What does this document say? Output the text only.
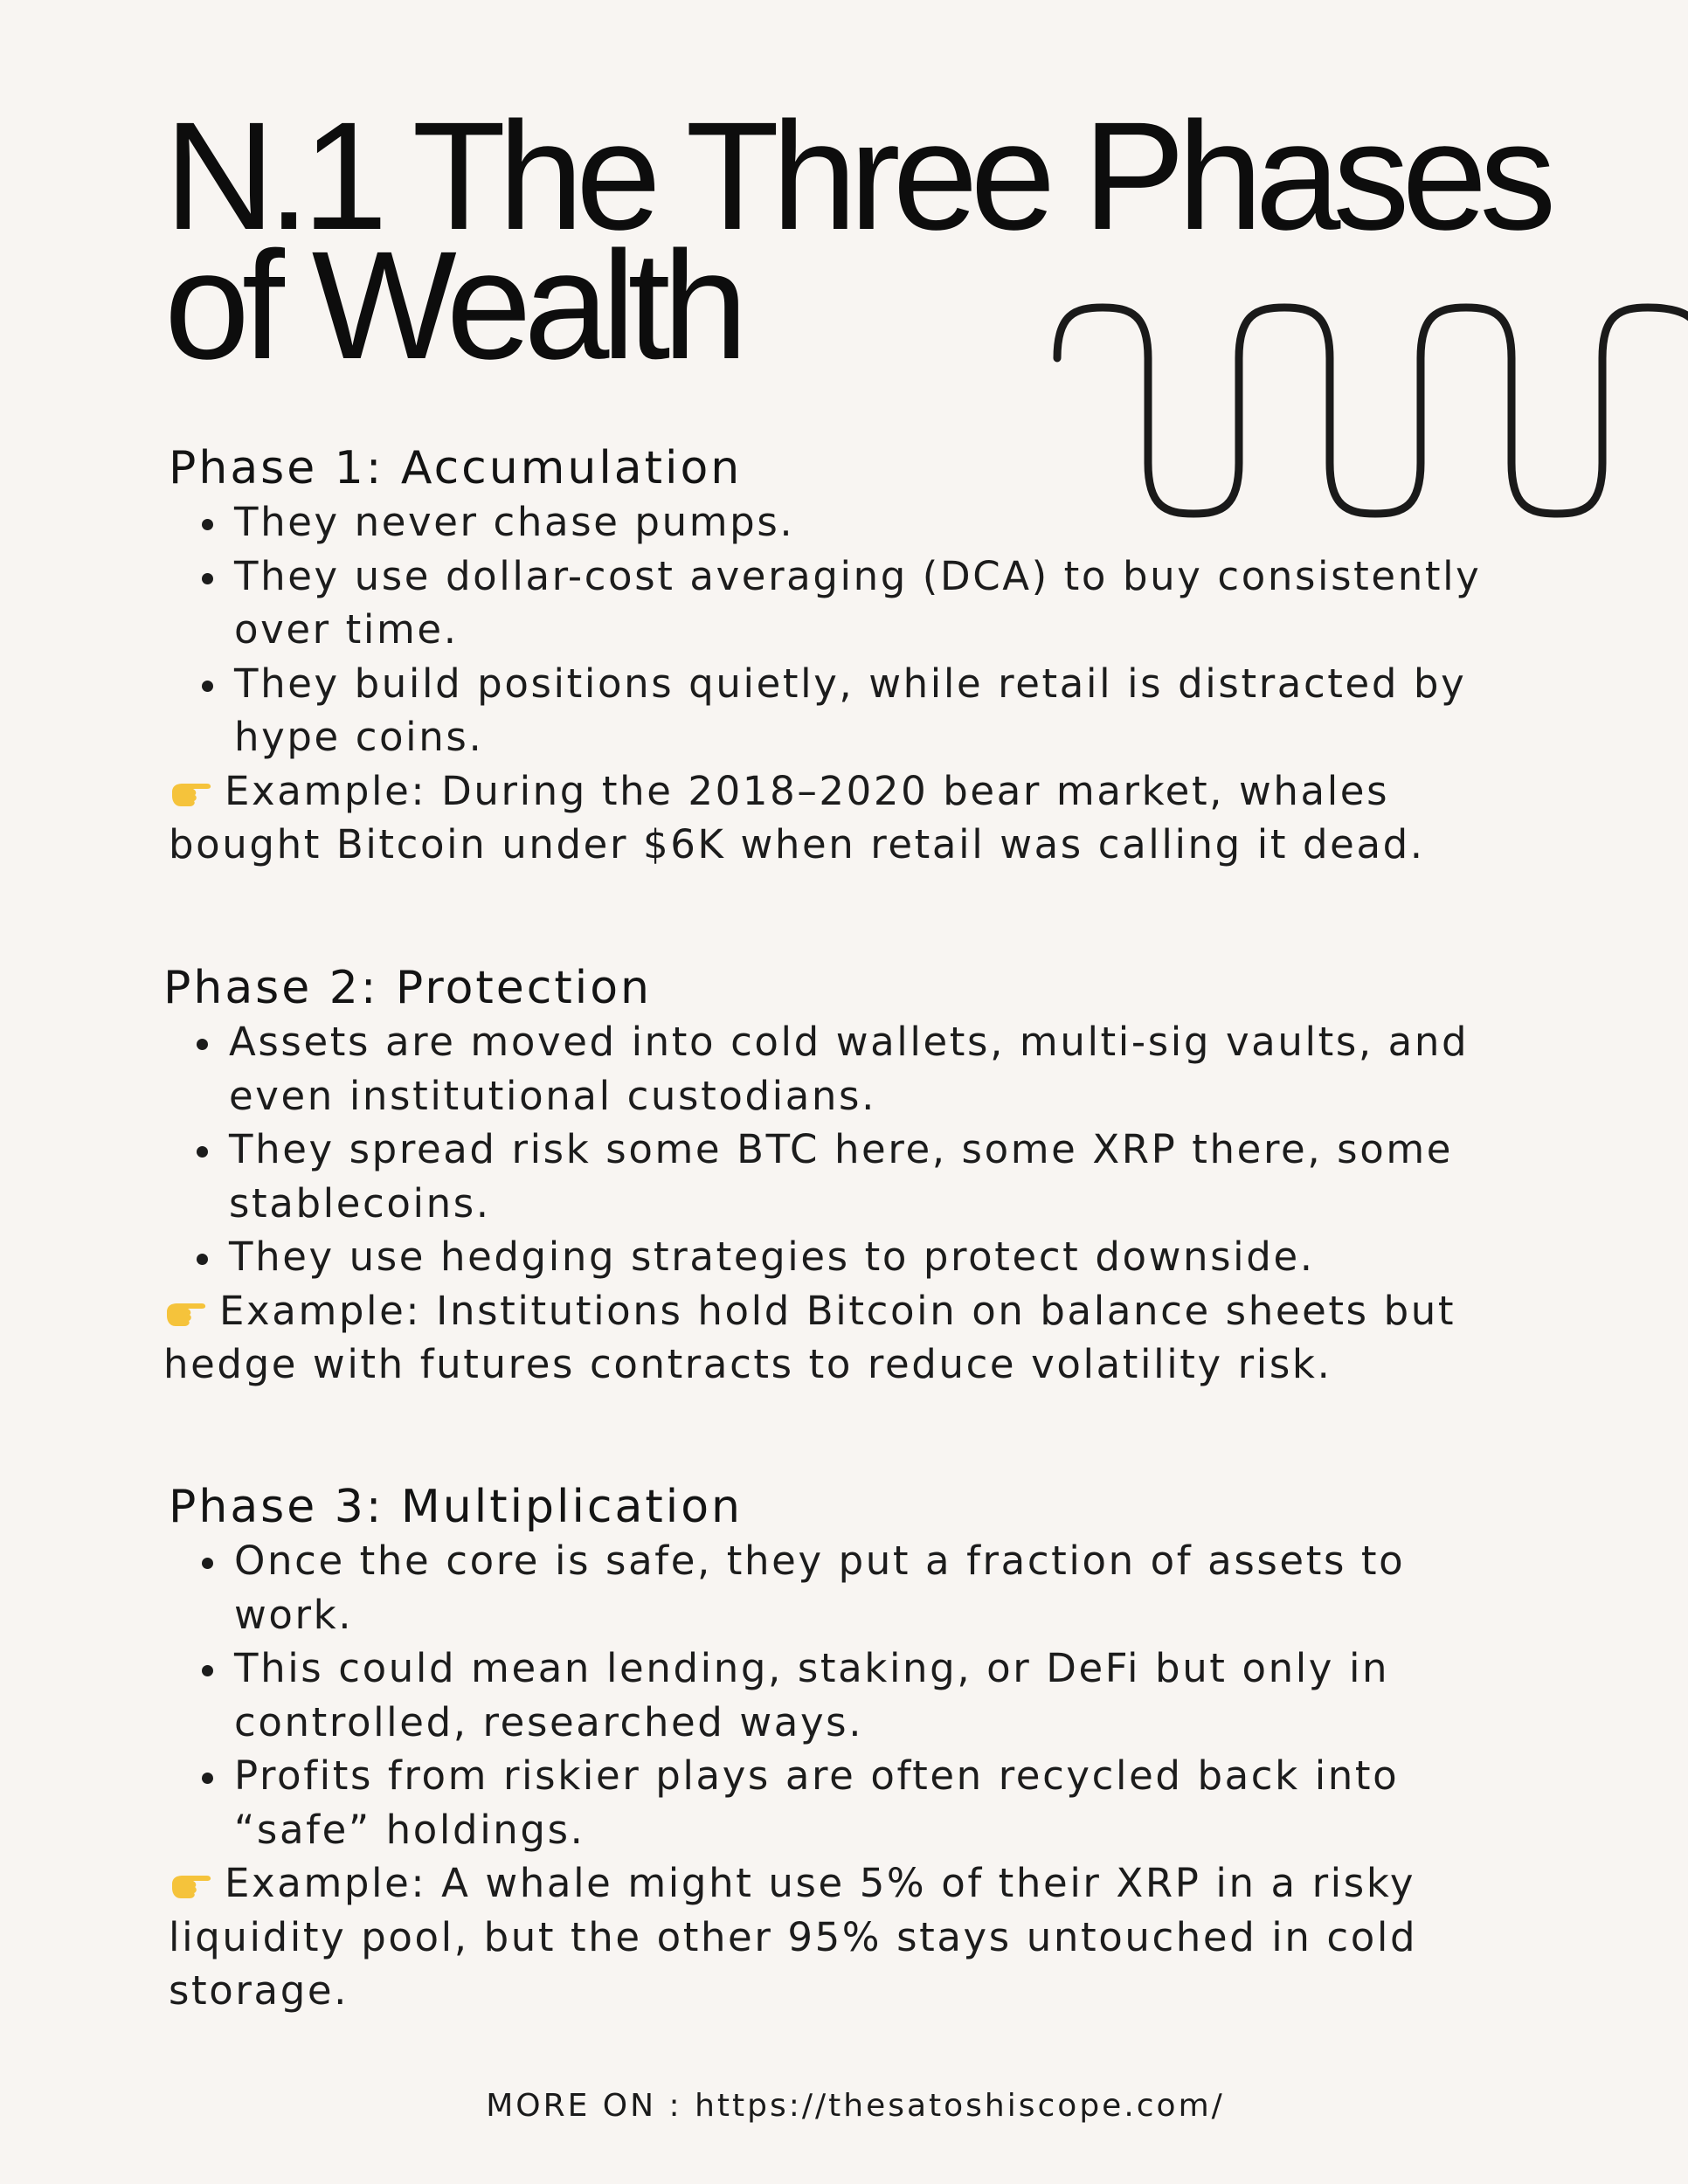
N.1 The Three Phases
of Wealth
Phase 1: Accumulation
They never chase pumps.
They use dollar-cost averaging (DCA) to buy consistently over time.
They build positions quietly, while retail is distracted by hype coins.

Example: During the 2018–2020 bear market, whales bought Bitcoin under $6K when retail was calling it dead.

Phase 2: Protection
Assets are moved into cold wallets, multi-sig vaults, and even institutional custodians.
They spread risk some BTC here, some XRP there, some stablecoins.
They use hedging strategies to protect downside.

Example: Institutions hold Bitcoin on balance sheets but hedge with futures contracts to reduce volatility risk.

Phase 3: Multiplication
Once the core is safe, they put a fraction of assets to work.
This could mean lending, staking, or DeFi but only in controlled, researched ways.
Profits from riskier plays are often recycled back into “safe” holdings.

Example: A whale might use 5% of their XRP in a risky liquidity pool, but the other 95% stays untouched in cold storage.

MORE ON : https://thesatoshiscope.com/
